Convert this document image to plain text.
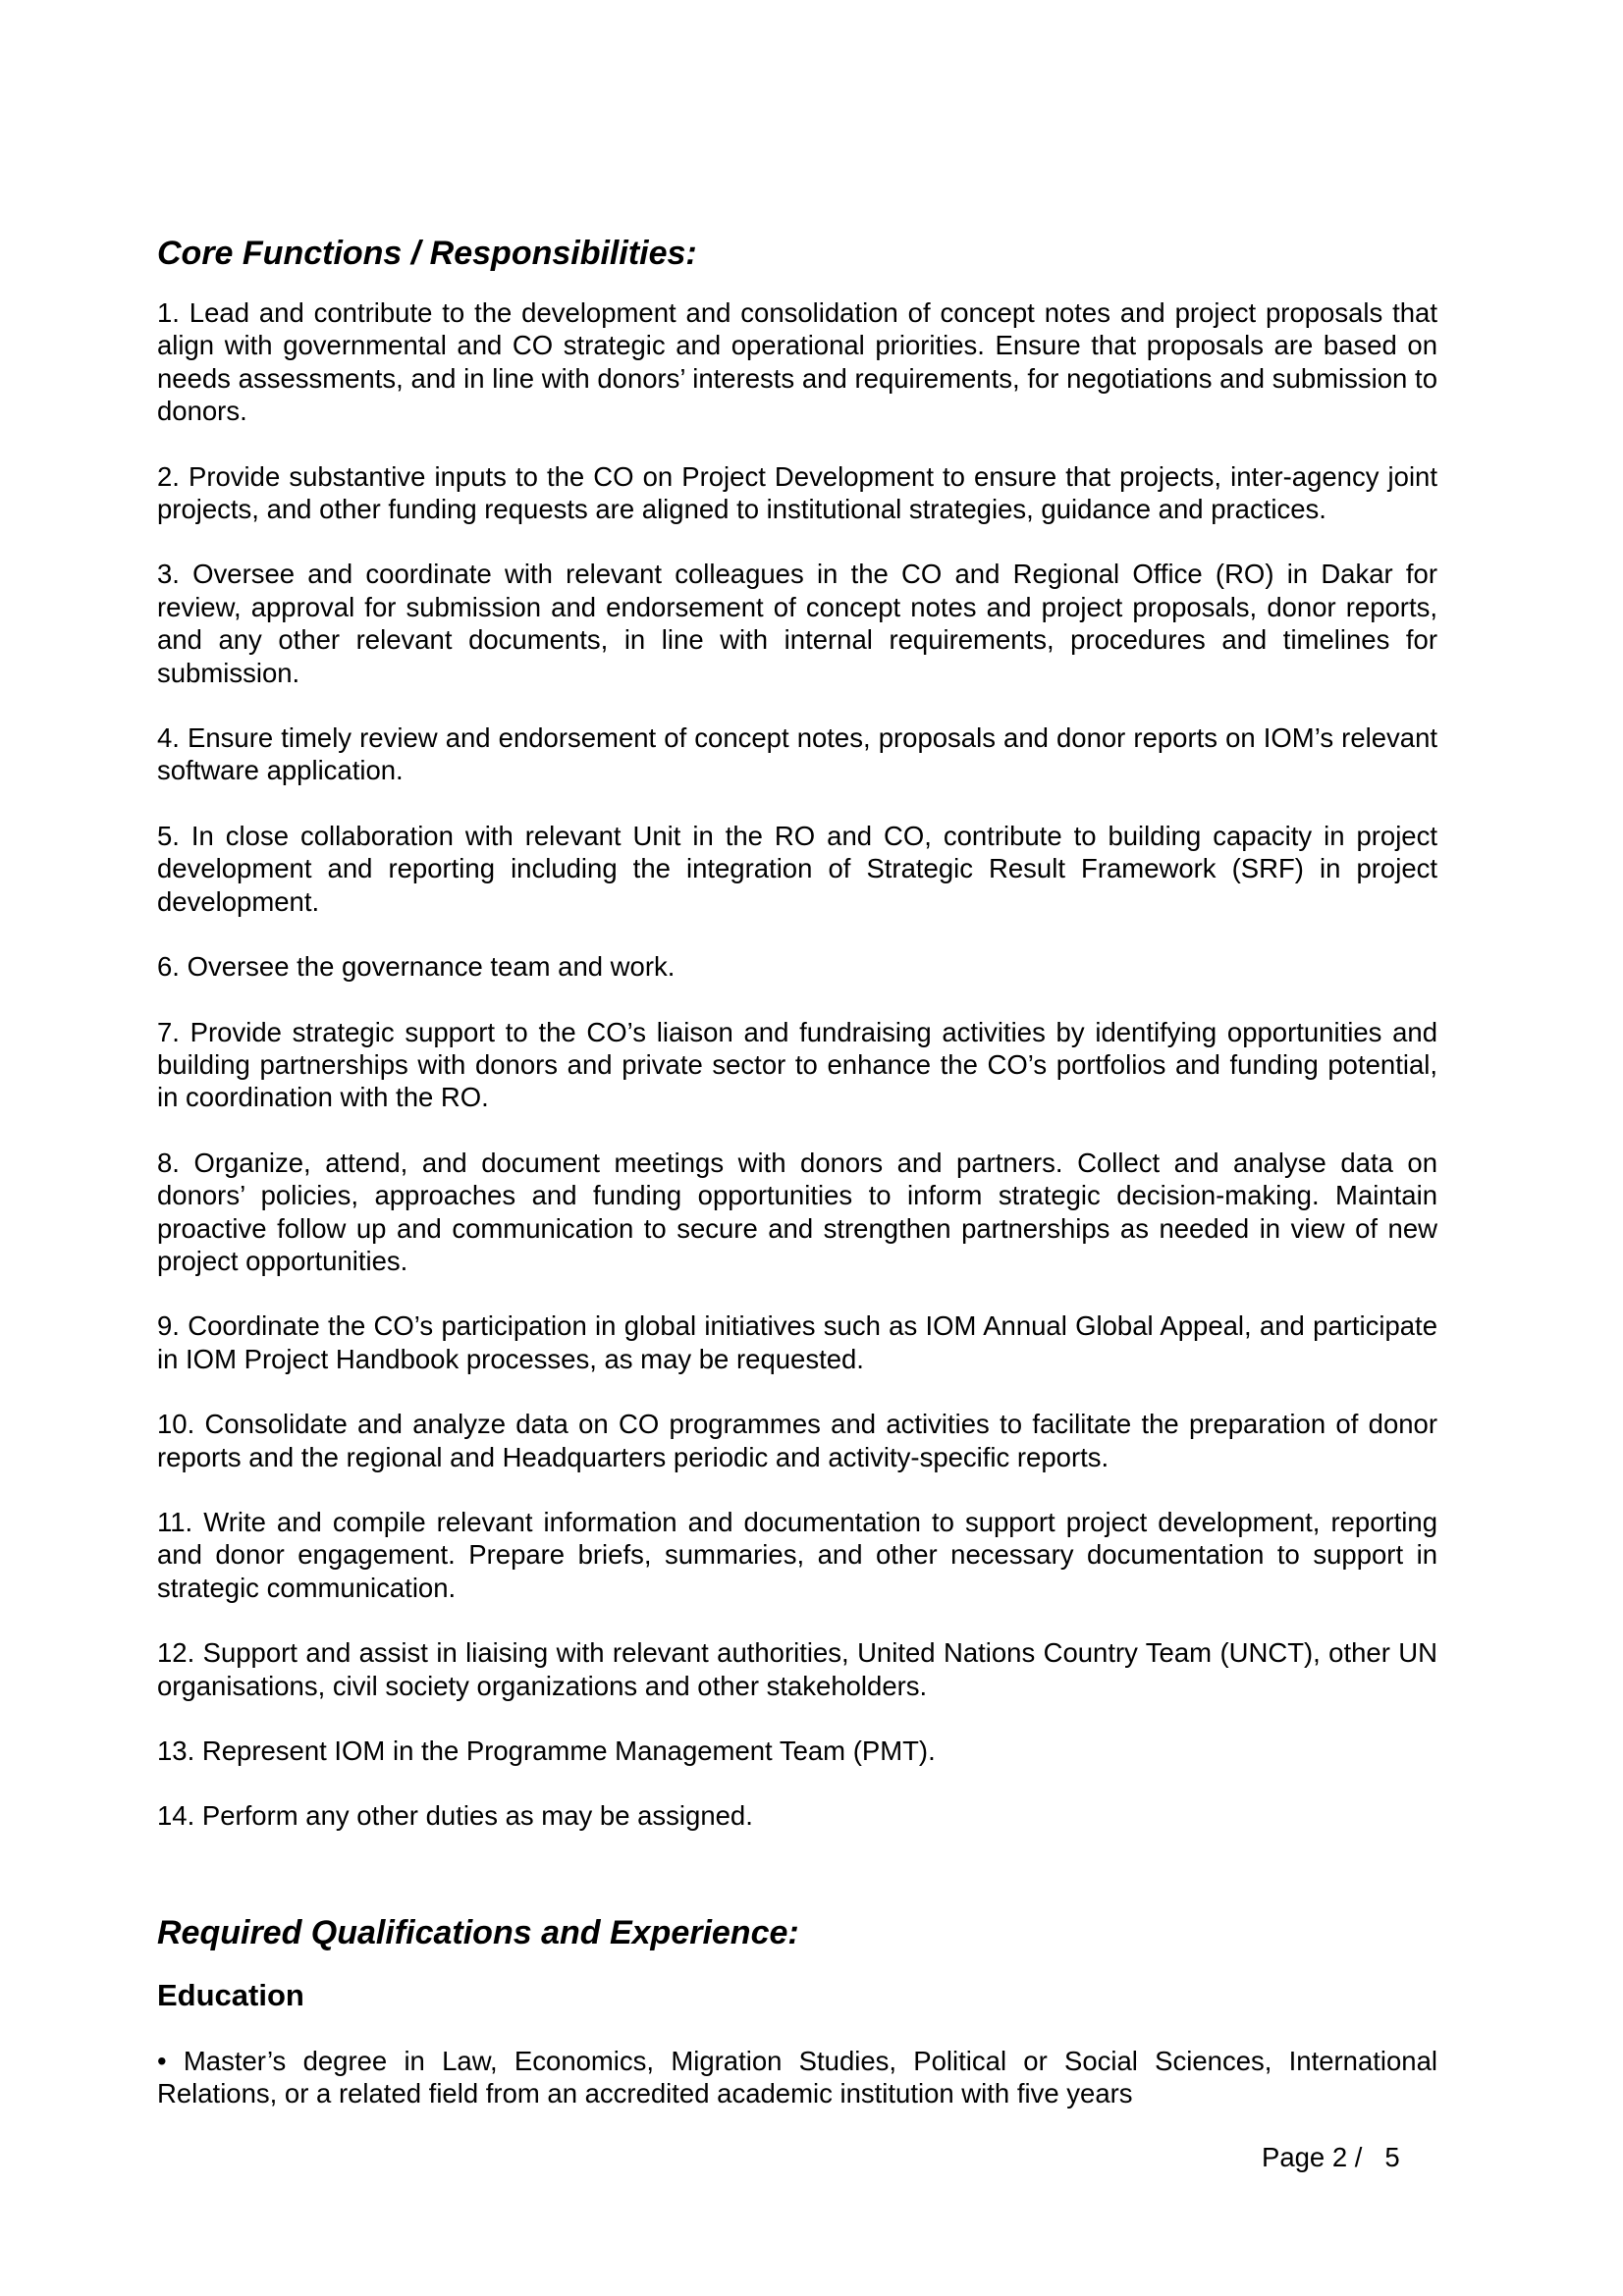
Core Functions / Responsibilities:

1. Lead and contribute to the development and consolidation of concept notes and project proposals that align with governmental and CO strategic and operational priorities. Ensure that proposals are based on needs assessments, and in line with donors’ interests and requirements, for negotiations and submission to donors.

2. Provide substantive inputs to the CO on Project Development to ensure that projects, inter-agency joint projects, and other funding requests are aligned to institutional strategies, guidance and practices.

3. Oversee and coordinate with relevant colleagues in the CO and Regional Office (RO) in Dakar for review, approval for submission and endorsement of concept notes and project proposals, donor reports, and any other relevant documents, in line with internal requirements, procedures and timelines for submission.

4. Ensure timely review and endorsement of concept notes, proposals and donor reports on IOM’s relevant software application.

5. In close collaboration with relevant Unit in the RO and CO, contribute to building capacity in project development and reporting including the integration of Strategic Result Framework (SRF) in project development.

6. Oversee the governance team and work.

7. Provide strategic support to the CO’s liaison and fundraising activities by identifying opportunities and building partnerships with donors and private sector to enhance the CO’s portfolios and funding potential, in coordination with the RO.

8. Organize, attend, and document meetings with donors and partners. Collect and analyse data on donors’ policies, approaches and funding opportunities to inform strategic decision-making. Maintain proactive follow up and communication to secure and strengthen partnerships as needed in view of new project opportunities.

9. Coordinate the CO’s participation in global initiatives such as IOM Annual Global Appeal, and participate in IOM Project Handbook processes, as may be requested.

10. Consolidate and analyze data on CO programmes and activities to facilitate the preparation of donor reports and the regional and Headquarters periodic and activity-specific reports.

11. Write and compile relevant information and documentation to support project development, reporting and donor engagement. Prepare briefs, summaries, and other necessary documentation to support in strategic communication.

12. Support and assist in liaising with relevant authorities, United Nations Country Team (UNCT), other UN organisations, civil society organizations and other stakeholders.

13. Represent IOM in the Programme Management Team (PMT).

14. Perform any other duties as may be assigned.

Required Qualifications and Experience:
Education

• Master’s degree in Law, Economics, Migration Studies, Political or Social Sciences, International Relations, or a related field from an accredited academic institution with five years

Page 2 /   5
